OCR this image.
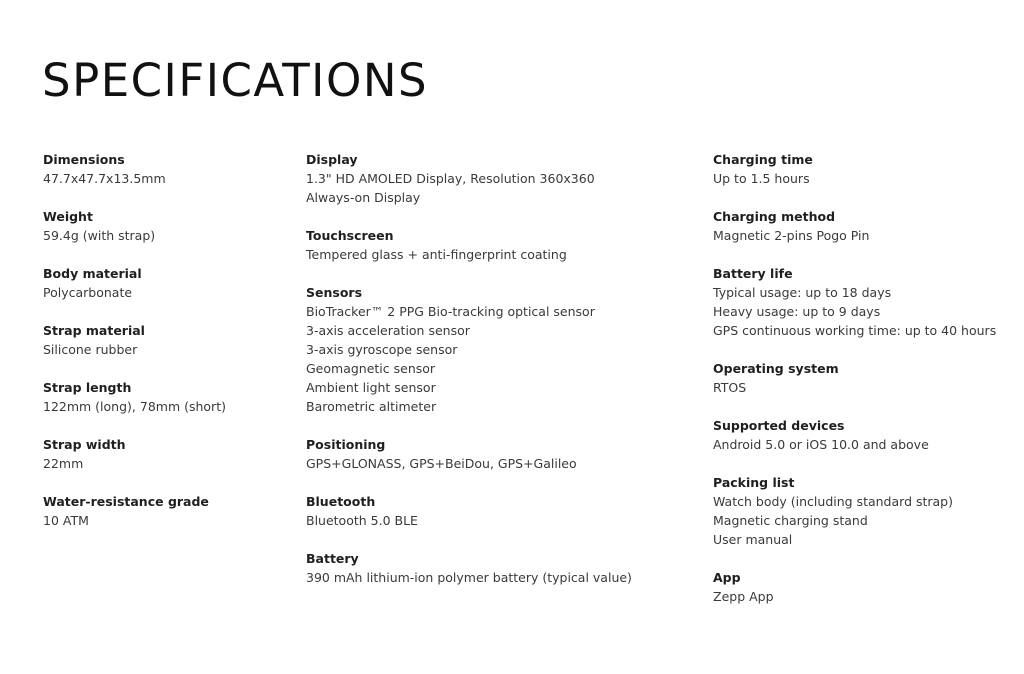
SPECIFICATIONS
Dimensions
47.7x47.7x13.5mm
Weight
59.4g (with strap)
Body material
Polycarbonate
Strap material
Silicone rubber
Strap length
122mm (long), 78mm (short)
Strap width
22mm
Water-resistance grade
10 ATM
Display
1.3" HD AMOLED Display, Resolution 360x360
Always-on Display
Touchscreen
Tempered glass + anti-fingerprint coating
Sensors
BioTracker™ 2 PPG Bio-tracking optical sensor
3-axis acceleration sensor
3-axis gyroscope sensor
Geomagnetic sensor
Ambient light sensor
Barometric altimeter
Positioning
GPS+GLONASS, GPS+BeiDou, GPS+Galileo
Bluetooth
Bluetooth 5.0 BLE
Battery
390 mAh lithium-ion polymer battery (typical value)
Charging time
Up to 1.5 hours
Charging method
Magnetic 2-pins Pogo Pin
Battery life
Typical usage: up to 18 days
Heavy usage: up to 9 days
GPS continuous working time: up to 40 hours
Operating system
RTOS
Supported devices
Android 5.0 or iOS 10.0 and above
Packing list
Watch body (including standard strap)
Magnetic charging stand
User manual
App
Zepp App
